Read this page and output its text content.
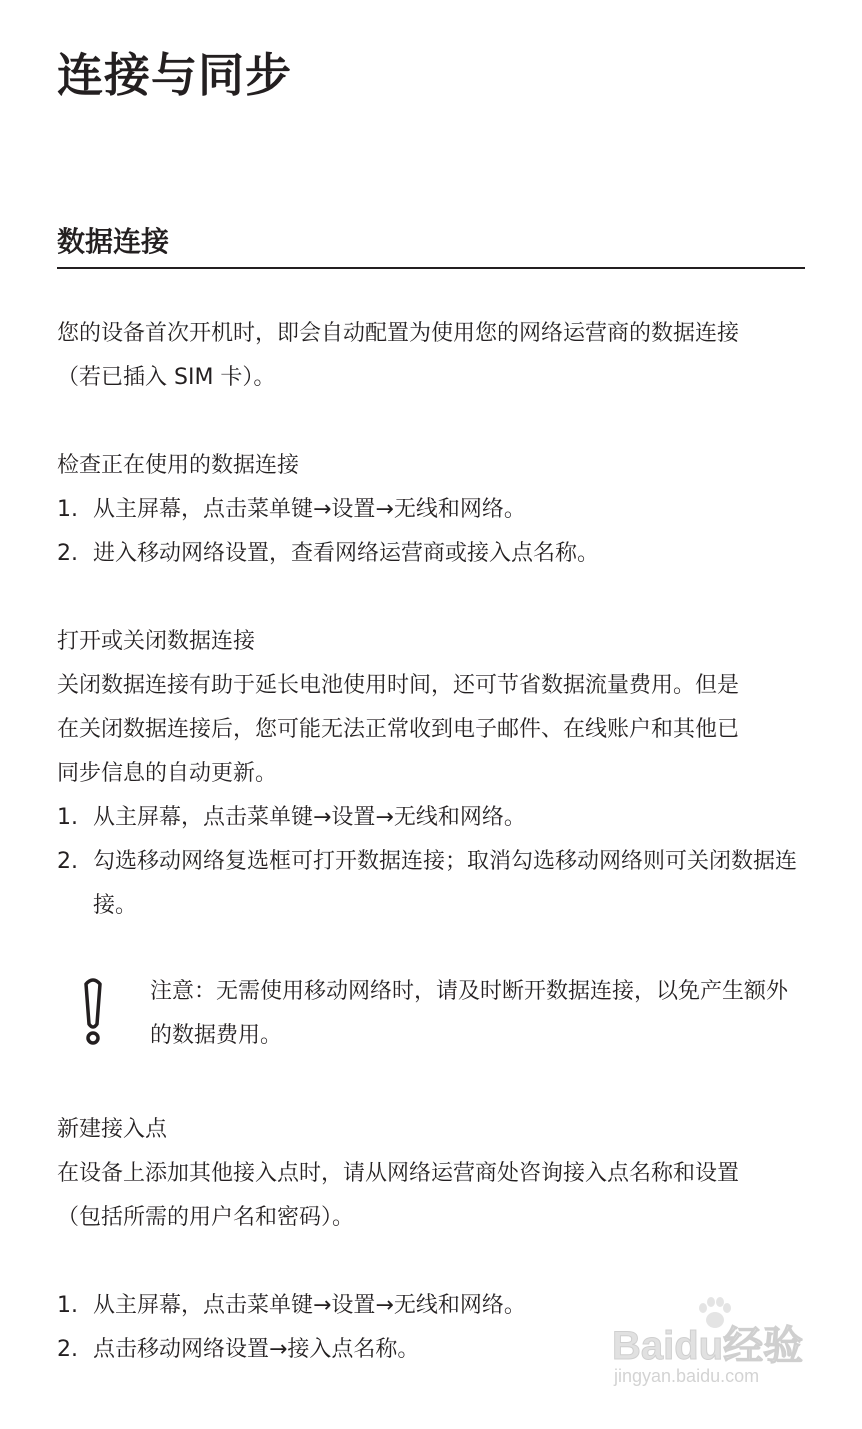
连接与同步
数据连接

您的设备首次开机时，即会自动配置为使用您的网络运营商的数据连接

（若已插入 SIM 卡）。

检查正在使用的数据连接

1. 从主屏幕，点击菜单键→设置→无线和网络。
2. 进入移动网络设置，查看网络运营商或接入点名称。

打开或关闭数据连接

关闭数据连接有助于延长电池使用时间，还可节省数据流量费用。但是

在关闭数据连接后，您可能无法正常收到电子邮件、在线账户和其他已

同步信息的自动更新。

1. 从主屏幕，点击菜单键→设置→无线和网络。
2. 勾选移动网络复选框可打开数据连接；取消勾选移动网络则可关闭数据连接。

注意：无需使用移动网络时，请及时断开数据连接，以免产生额外的数据费用。

新建接入点

在设备上添加其他接入点时，请从网络运营商处咨询接入点名称和设置

（包括所需的用户名和密码）。

1. 从主屏幕，点击菜单键→设置→无线和网络。
2. 点击移动网络设置→接入点名称。	Baidu经验
jingyan.baidu.com
